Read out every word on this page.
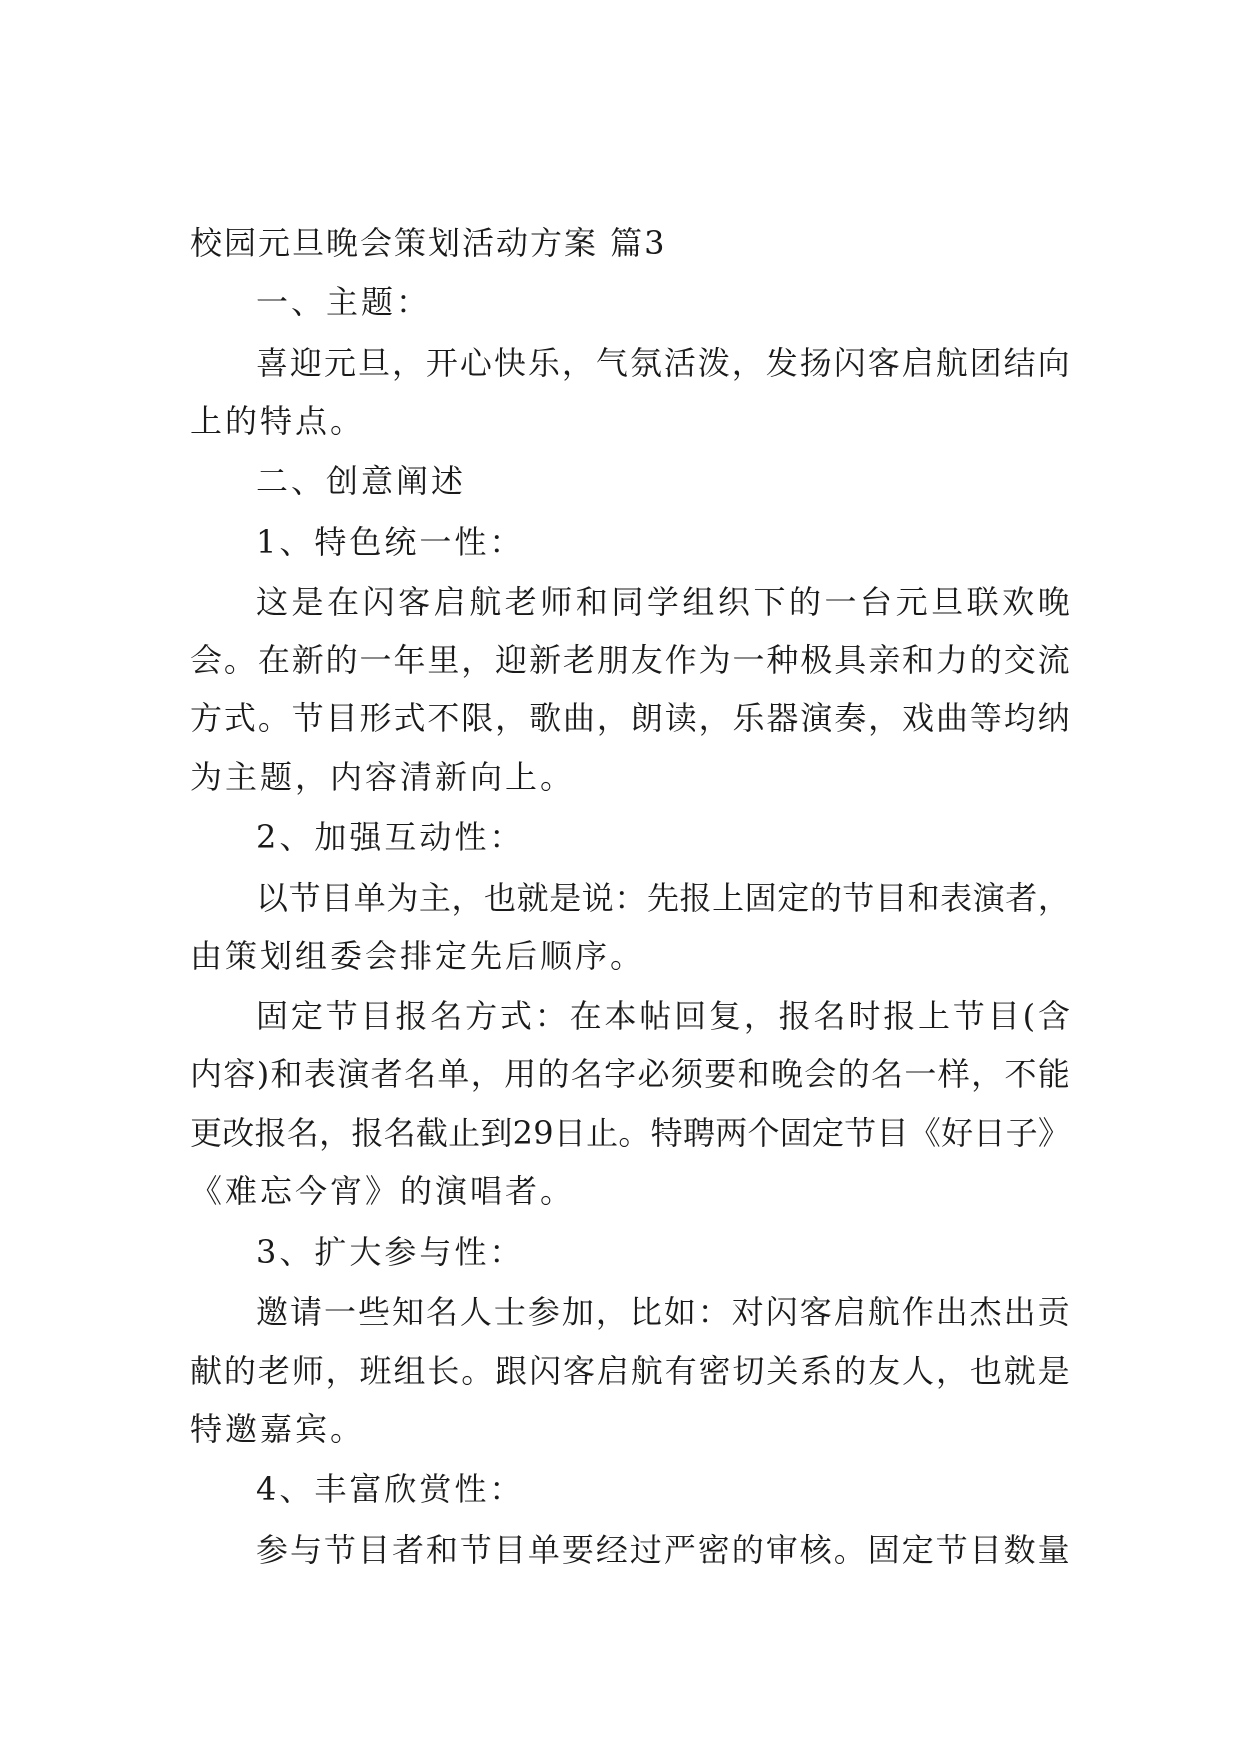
校园元旦晚会策划活动方案 篇3
一、主题：
喜 迎 元 旦 ， 开 心 快 乐 ， 气 氛 活 泼 ， 发 扬 闪 客 启 航 团 结 向
上的特点。
二、创意阐述
1、特色统一性：
这 是 在 闪 客 启 航 老 师 和 同 学 组 织 下 的 一 台 元 旦 联 欢 晚
会 。 在 新 的 一 年 里 ， 迎 新 老 朋 友 作 为 一 种 极 具 亲 和 力 的 交 流
方 式 。 节 目 形 式 不 限 ， 歌 曲 ， 朗 读 ， 乐 器 演 奏 ， 戏 曲 等 均 纳
为主题，内容清新向上。
2、加强互动性：
以 节 目 单 为 主 ， 也 就 是 说 ： 先 报 上 固 定 的 节 目 和 表 演 者 ，
由策划组委会排定先后顺序。
固 定 节 目 报 名 方 式 ： 在 本 帖 回 复 ， 报 名 时 报 上 节 目 ( 含
内 容 ) 和 表 演 者 名 单 ， 用 的 名 字 必 须 要 和 晚 会 的 名 一 样 ， 不 能
更 改 报 名 ， 报 名 截 止 到 2 9 日 止 。 特 聘 两 个 固 定 节 目 《 好 日 子 》
《难忘今宵》的演唱者。
3、扩大参与性：
邀 请 一 些 知 名 人 士 参 加 ， 比 如 ： 对 闪 客 启 航 作 出 杰 出 贡
献 的 老 师 ， 班 组 长 。 跟 闪 客 启 航 有 密 切 关 系 的 友 人 ， 也 就 是
特邀嘉宾。
4、丰富欣赏性：
参 与 节 目 者 和 节 目 单 要 经 过 严 密 的 审 核 。 固 定 节 目 数 量
